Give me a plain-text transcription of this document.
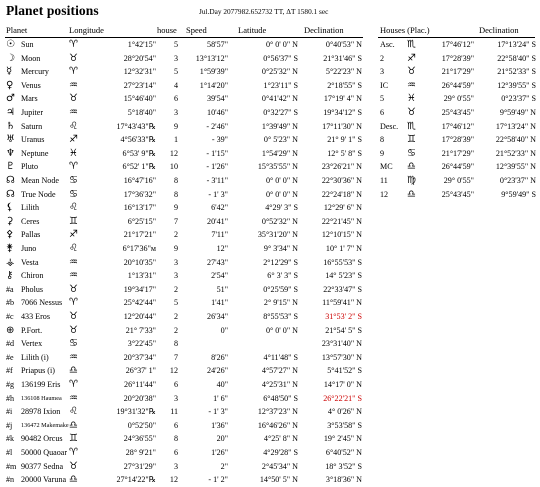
Planet positions	Jul.Day 2077982.652732 TT, ΔT 1580.1 sec
Planet	Longitude	house Speed	Latitude	Declination	Houses (Plac.)	Declination
☉ Sun	♈	1°42'15"	5	58'57"	0° 0' 0" N	0°40'53" N
☽ Moon	♉	28°20'54"	3	13°13'12"	0°56'37" S	21°31'46" S
☿ Mercury ♈	12°32'31"	5	1°59'39"	0°25'32" N	5°22'23" N
♀ Venus	♒	27°23'14"	4	1°14'20"	1°23'11" S	2°18'55" S
♂ Mars	♉	15°46'40"	6	39'54"	0°41'42" N	17°19' 4" N
♃ Jupiter	♒	5°18'40"	3	10'46"	0°32'27" S	19°34'12" S
♄ Saturn	♌	17°43'43"℞	9	- 2'46"	1°39'49" N	17°11'30" N
♅ Uranus ♐	4°56'33"℞	1	- 39"	0° 5'23" N	21° 9' 1" S
♆ Neptune ♓	6°53' 9"℞	12	- 1'15"	1°54'29" N	12° 5' 8" S
♇ Pluto	♈	6°52' 1"℞	10	- 1'26"	15°35'55" N	23°26'21" N
☊ Mean Node ♋	16°47'16"	8	- 3'11"	0° 0' 0" N	22°30'36" N
☊ True Node ♋	17°36'32"	8	- 1' 3"	0° 0' 0" N	22°24'18" N
⚸ Lilith	♌	16°13'17"	9	6'42"	4°29' 3" S	12°29' 6" N
⚳ Ceres	♊	6°25'15"	7	20'41"	0°52'32" N	22°21'45" N
⚴ Pallas	♐	21°17'21"	2	7'11"	35°31'20" N	12°10'15" N
⚵ Juno	♌	6°17'36"ᴍ	9	12"	9° 3'34" N	10° 1' 7" N
⚶ Vesta	♒	20°10'35"	3	27'43"	2°12'29" S	16°55'53" S
⚷ Chiron	♒	1°13'31"	3	2'54"	6° 3' 3" S	14° 5'23" S
#a Pholus	♉	19°34'17"	2	51"	0°25'59" S	22°33'47" S
#b 7066 Nessus ♈	25°42'44"	5	1'41"	2° 9'15" N	11°59'41" N
#c 433 Eros ♉	12°20'44"	2	26'34"	8°55'53" S	31°53' 2" S
⊕ P.Fort.	♉	21° 7'33"	2	0"	0° 0' 0" N	21°54' 5" S
#d Vertex	♋	3°22'45"	8	23°31'40" N
#e Lilith (i) ♒	20°37'34"	7	8'26"	4°11'48" S	13°57'30" N
#f Priapus (i) ♎	26°37' 1"	12	24'26"	4°57'27" N	5°41'52" S
#g 136199 Eris ♈	26°11'44"	6	40"	4°25'31" N	14°17' 0" N
#h 136108 Haumea ♒	20°20'38"	3	1' 6"	6°48'50" S	26°22'21" S
#i 28978 Ixion ♌	19°31'32"℞	11	- 1' 3"	12°37'23" N	4° 0'26" N
#j 136472 Makemake ♎	0°52'50"	6	1'36"	16°46'26" N	3°53'58" S
#k 90482 Orcus ♊	24°36'55"	8	20"	4°25' 8" N	19° 2'45" N
#l 50000 Quaoar ♈	28° 9'21"	6	1'26"	4°29'28" S	6°40'52" N
#m 90377 Sedna ♉	27°31'29"	3	2"	2°45'34" N	18° 3'52" S
#n 20000 Varuna ♎	27°14'22"℞	12	- 1' 2"	14°50' 5" N	3°18'36" N
Asc. ♏	17°46'12"	17°13'24" S
2 ♐	17°28'39"	22°58'40" S
3 ♉	21°17'29"	21°52'33" S
IC ♒	26°44'59"	12°39'55" S
5 ♓	29° 0'55"	0°23'37" S
6 ♉	25°43'45"	9°59'49" N
Desc. ♏	17°46'12"	17°13'24" N
8 ♊	17°28'39"	22°58'40" N
9 ♋	21°17'29"	21°52'33" N
MC ♎	26°44'59"	12°39'55" N
11 ♍	29° 0'55"	0°23'37" N
12 ♎	25°43'45"	9°59'49" S
